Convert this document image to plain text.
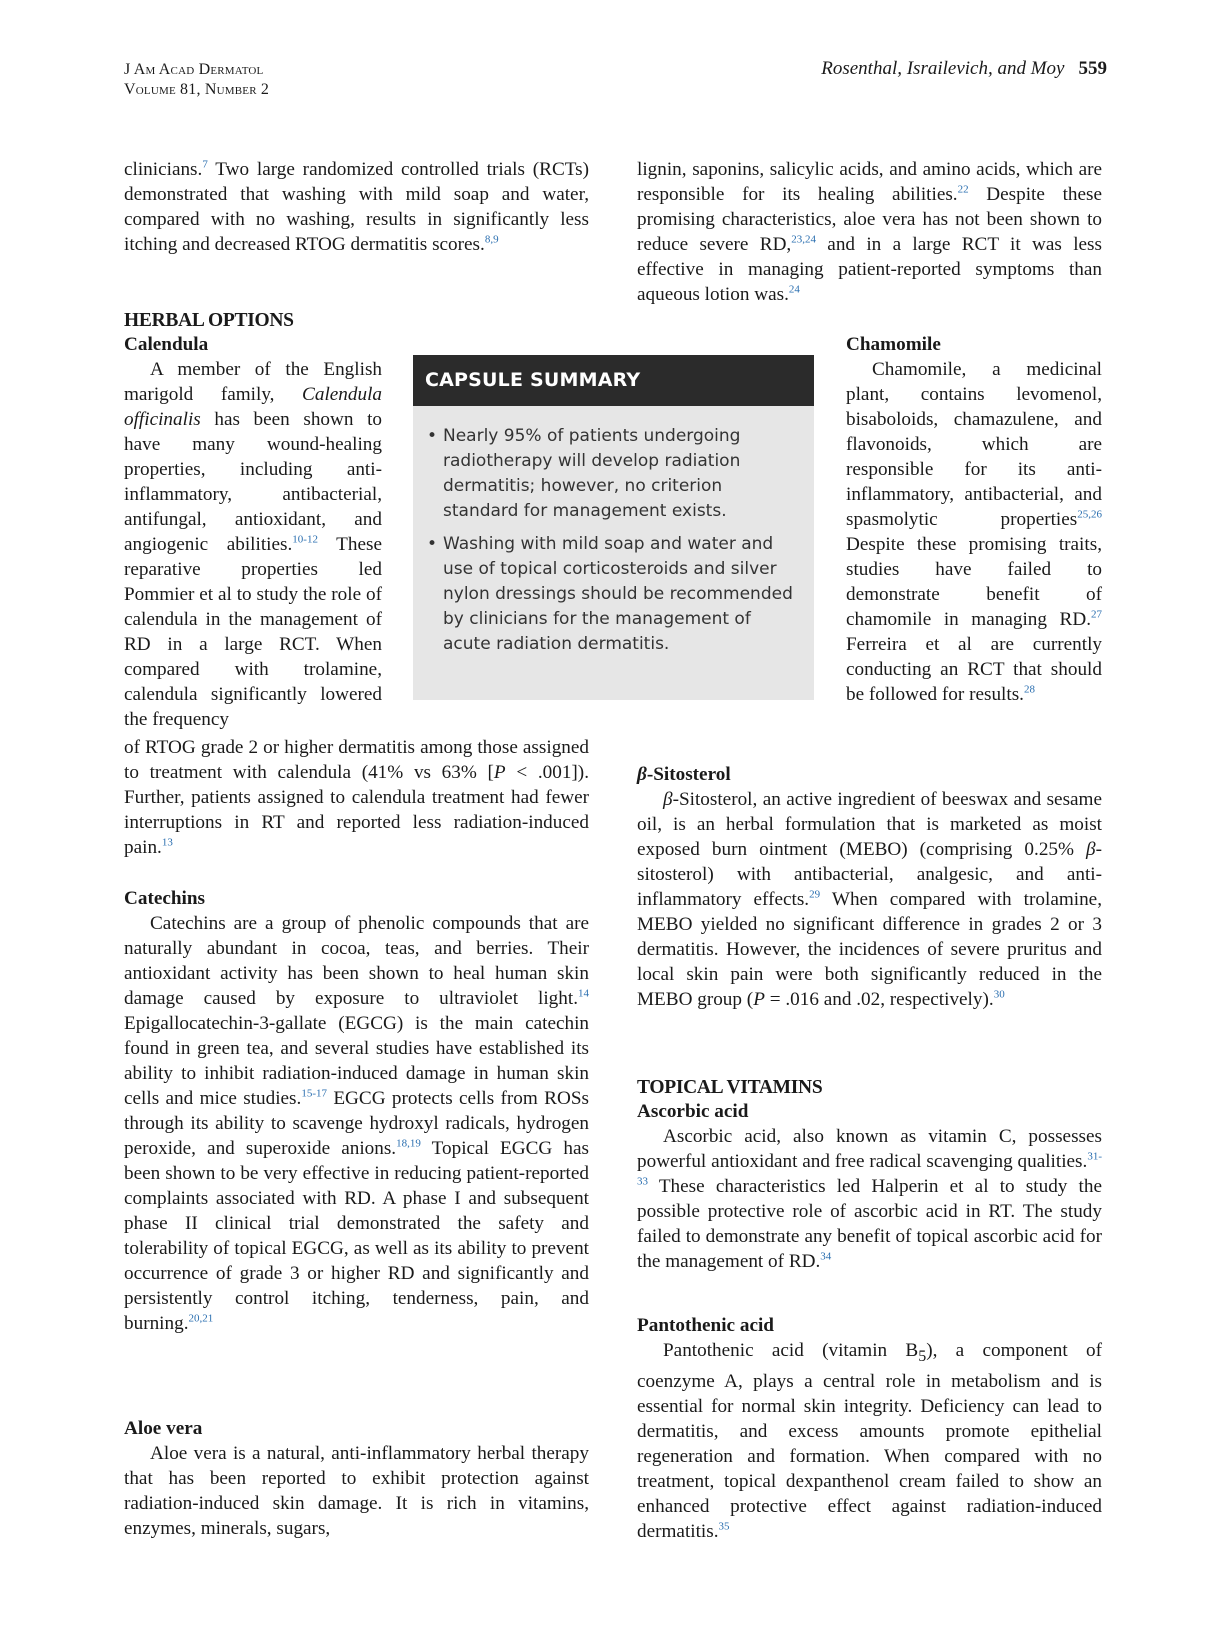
J Am Acad Dermatol
Volume 81, Number 2
Rosenthal, Israilevich, and Moy 559

clinicians.$^7$ Two large randomized controlled trials (RCTs) demonstrated that washing with mild soap and water, compared with no washing, results in significantly less itching and decreased RTOG dermatitis scores.$^{8,9}$

HERBAL OPTIONS
Calendula

A member of the English marigold family, Calendula officinalis has been shown to have many wound-healing properties, including anti-inflammatory, antibacterial, antifungal, antioxidant, and angiogenic abilities.$^{10-12}$ These reparative properties led Pommier et al to study the role of calendula in the management of RD in a large RCT. When compared with trolamine, calendula significantly lowered the frequency

of RTOG grade 2 or higher dermatitis among those assigned to treatment with calendula (41% vs 63% [P < .001]). Further, patients assigned to calendula treatment had fewer interruptions in RT and reported less radiation-induced pain.$^{13}$

Catechins

Catechins are a group of phenolic compounds that are naturally abundant in cocoa, teas, and berries. Their antioxidant activity has been shown to heal human skin damage caused by exposure to ultraviolet light.$^{14}$ Epigallocatechin-3-gallate (EGCG) is the main catechin found in green tea, and several studies have established its ability to inhibit radiation-induced damage in human skin cells and mice studies.$^{15-17}$ EGCG protects cells from ROSs through its ability to scavenge hydroxyl radicals, hydrogen peroxide, and superoxide anions.$^{18,19}$ Topical EGCG has been shown to be very effective in reducing patient-reported complaints associated with RD. A phase I and subsequent phase II clinical trial demonstrated the safety and tolerability of topical EGCG, as well as its ability to prevent occurrence of grade 3 or higher RD and significantly and persistently control itching, tenderness, pain, and burning.$^{20,21}$

Aloe vera

Aloe vera is a natural, anti-inflammatory herbal therapy that has been reported to exhibit protection against radiation-induced skin damage. It is rich in vitamins, enzymes, minerals, sugars,

CAPSULE SUMMARY
• Nearly 95% of patients undergoing radiotherapy will develop radiation dermatitis; however, no criterion standard for management exists.
• Washing with mild soap and water and use of topical corticosteroids and silver nylon dressings should be recommended by clinicians for the management of acute radiation dermatitis.

lignin, saponins, salicylic acids, and amino acids, which are responsible for its healing abilities.$^{22}$ Despite these promising characteristics, aloe vera has not been shown to reduce severe RD,$^{23,24}$ and in a large RCT it was less effective in managing patient-reported symptoms than aqueous lotion was.$^{24}$

Chamomile

Chamomile, a medicinal plant, contains levomenol, bisaboloids, chamazulene, and flavonoids, which are responsible for its anti-inflammatory, antibacterial, and spasmolytic properties$^{25,26}$ Despite these promising traits, studies have failed to demonstrate benefit of chamomile in managing RD.$^{27}$ Ferreira et al are currently conducting an RCT that should be followed for results.$^{28}$

β-Sitosterol

β-Sitosterol, an active ingredient of beeswax and sesame oil, is an herbal formulation that is marketed as moist exposed burn ointment (MEBO) (comprising 0.25% β-sitosterol) with antibacterial, analgesic, and anti-inflammatory effects.$^{29}$ When compared with trolamine, MEBO yielded no significant difference in grades 2 or 3 dermatitis. However, the incidences of severe pruritus and local skin pain were both significantly reduced in the MEBO group (P = .016 and .02, respectively).$^{30}$

TOPICAL VITAMINS
Ascorbic acid

Ascorbic acid, also known as vitamin C, possesses powerful antioxidant and free radical scavenging qualities.$^{31-33}$ These characteristics led Halperin et al to study the possible protective role of ascorbic acid in RT. The study failed to demonstrate any benefit of topical ascorbic acid for the management of RD.$^{34}$

Pantothenic acid

Pantothenic acid (vitamin $B_5$), a component of coenzyme A, plays a central role in metabolism and is essential for normal skin integrity. Deficiency can lead to dermatitis, and excess amounts promote epithelial regeneration and formation. When compared with no treatment, topical dexpanthenol cream failed to show an enhanced protective effect against radiation-induced dermatitis.$^{35}$
